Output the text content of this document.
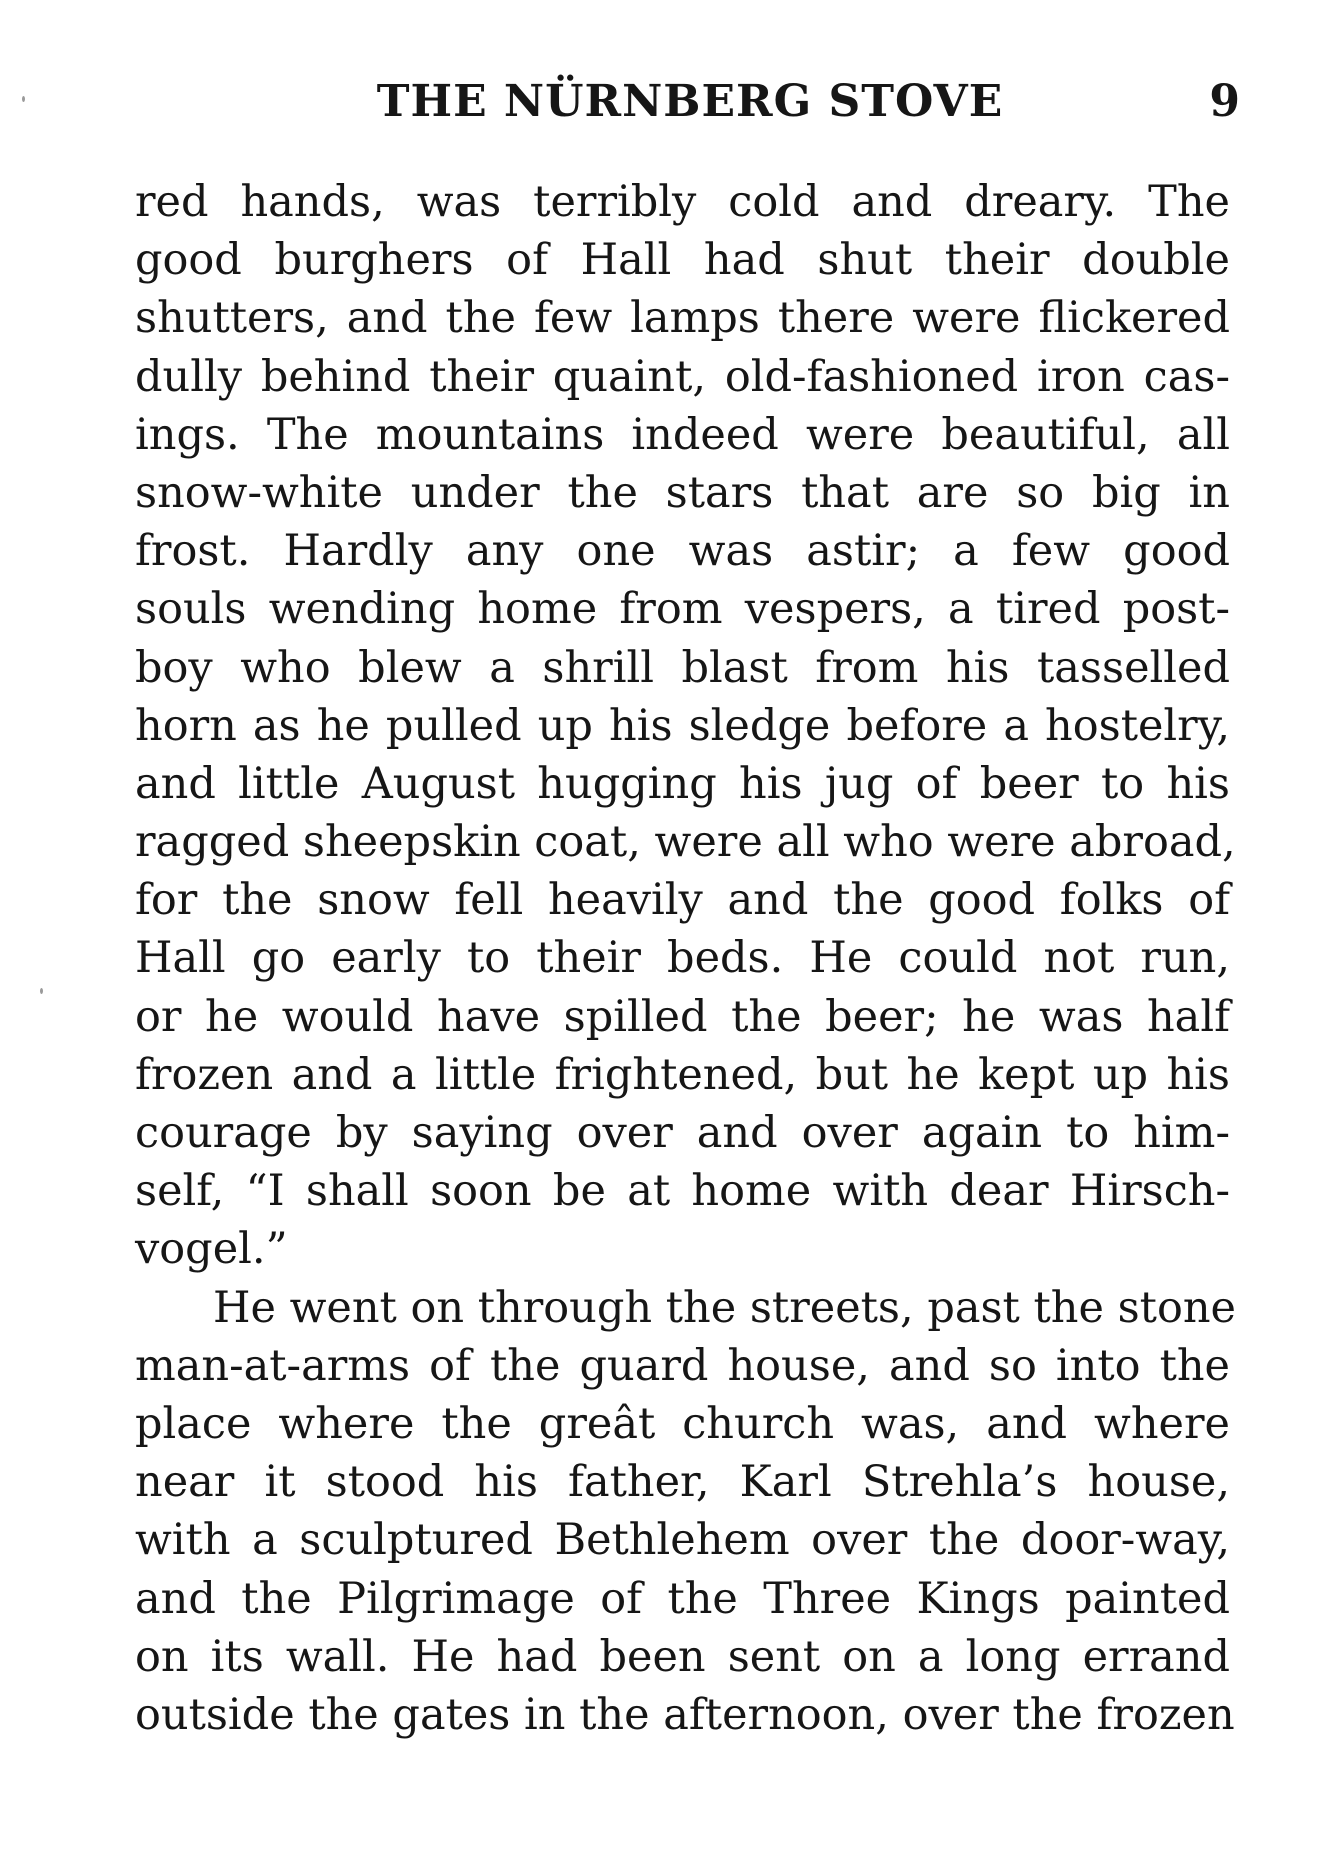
THE NÜRNBERG STOVE	9
red hands, was terribly cold and dreary. The
good burghers of Hall had shut their double
shutters, and the few lamps there were flickered
dully behind their quaint, old-fashioned iron cas-
ings. The mountains indeed were beautiful, all
snow-white under the stars that are so big in
frost. Hardly any one was astir; a few good
souls wending home from vespers, a tired post-
boy who blew a shrill blast from his tasselled
horn as he pulled up his sledge before a hostelry,
and little August hugging his jug of beer to his
ragged sheepskin coat, were all who were abroad,
for the snow fell heavily and the good folks of
Hall go early to their beds. He could not run,
or he would have spilled the beer; he was half
frozen and a little frightened, but he kept up his
courage by saying over and over again to him-
self, “I shall soon be at home with dear Hirsch-
vogel.”
He went on through the streets, past the stone
man-at-arms of the guard house, and so into the
place where the greât church was, and where
near it stood his father, Karl Strehla’s house,
with a sculptured Bethlehem over the door-way,
and the Pilgrimage of the Three Kings painted
on its wall. He had been sent on a long errand
outside the gates in the afternoon, over the frozen
